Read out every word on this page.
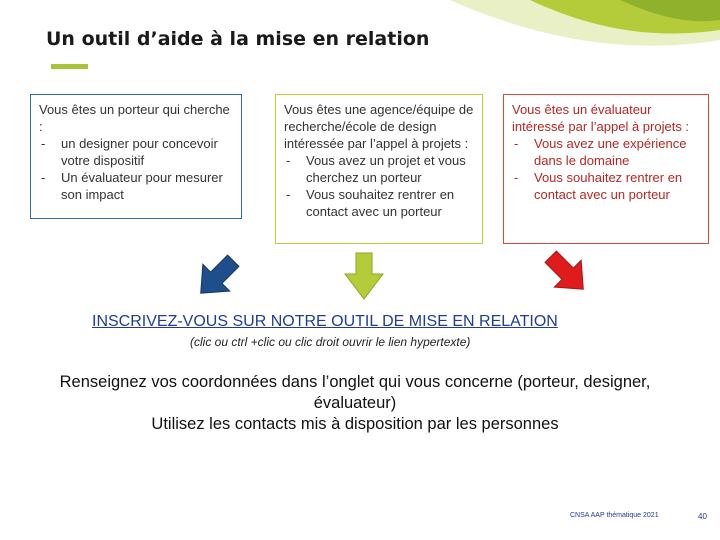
Un outil d’aide à la mise en relation
Vous êtes un porteur qui cherche :
- un designer pour concevoir votre dispositif
- Un évaluateur pour mesurer son impact
Vous êtes une agence/équipe de recherche/école de design intéressée par l’appel à projets :
- Vous avez un projet et vous cherchez un porteur
- Vous souhaitez rentrer en contact avec un porteur
Vous êtes un évaluateur intéressé par l’appel à projets :
- Vous avez une expérience dans le domaine
- Vous souhaitez rentrer en contact avec un porteur
INSCRIVEZ-VOUS SUR NOTRE OUTIL DE MISE EN RELATION
(clic ou ctrl +clic ou clic droit ouvrir le lien hypertexte)
Renseignez vos coordonnées dans l’onglet qui vous concerne (porteur, designer, évaluateur)
Utilisez les contacts mis à disposition par les personnes
CNSA AAP thématique 2021	40
